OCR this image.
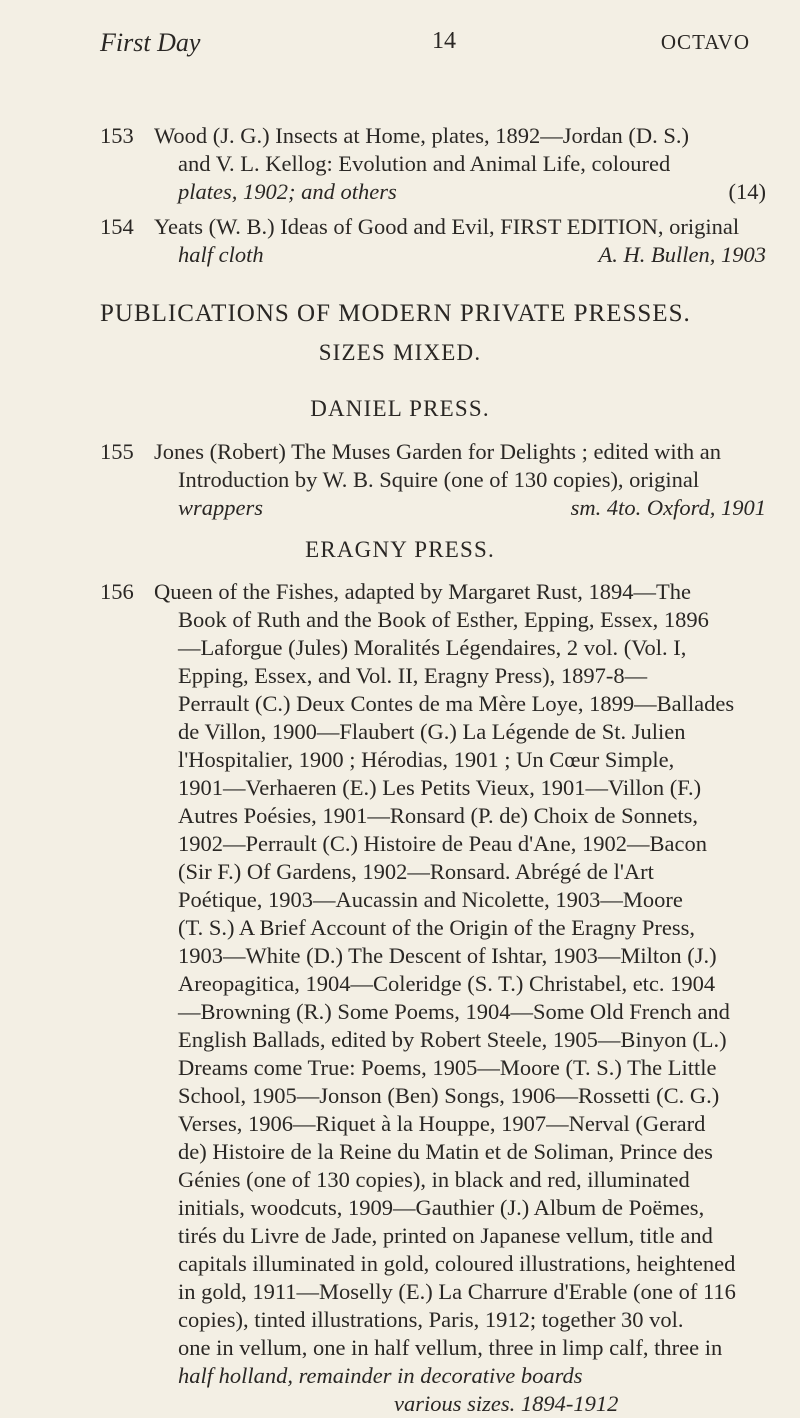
First Day	14	OCTAVO
153 Wood (J. G.) Insects at Home, plates, 1892—Jordan (D. S.)
and V. L. Kellog: Evolution and Animal Life, coloured
plates, 1902; and others	(14)
154 Yeats (W. B.) Ideas of Good and Evil, FIRST EDITION, original
half cloth	A. H. Bullen, 1903
PUBLICATIONS OF MODERN PRIVATE PRESSES.
SIZES MIXED.
DANIEL PRESS.
155 Jones (Robert) The Muses Garden for Delights ; edited with an
Introduction by W. B. Squire (one of 130 copies), original
wrappers	sm. 4to. Oxford, 1901
ERAGNY PRESS.
156 Queen of the Fishes, adapted by Margaret Rust, 1894—The
Book of Ruth and the Book of Esther, Epping, Essex, 1896
—Laforgue (Jules) Moralités Légendaires, 2 vol. (Vol. I,
Epping, Essex, and Vol. II, Eragny Press), 1897-8—
Perrault (C.) Deux Contes de ma Mère Loye, 1899—Ballades
de Villon, 1900—Flaubert (G.) La Légende de St. Julien
l'Hospitalier, 1900 ; Hérodias, 1901 ; Un Cœur Simple,
1901—Verhaeren (E.) Les Petits Vieux, 1901—Villon (F.)
Autres Poésies, 1901—Ronsard (P. de) Choix de Sonnets,
1902—Perrault (C.) Histoire de Peau d'Ane, 1902—Bacon
(Sir F.) Of Gardens, 1902—Ronsard. Abrégé de l'Art
Poétique, 1903—Aucassin and Nicolette, 1903—Moore
(T. S.) A Brief Account of the Origin of the Eragny Press,
1903—White (D.) The Descent of Ishtar, 1903—Milton (J.)
Areopagitica, 1904—Coleridge (S. T.) Christabel, etc. 1904
—Browning (R.) Some Poems, 1904—Some Old French and
English Ballads, edited by Robert Steele, 1905—Binyon (L.)
Dreams come True: Poems, 1905—Moore (T. S.) The Little
School, 1905—Jonson (Ben) Songs, 1906—Rossetti (C. G.)
Verses, 1906—Riquet à la Houppe, 1907—Nerval (Gerard
de) Histoire de la Reine du Matin et de Soliman, Prince des
Génies (one of 130 copies), in black and red, illuminated
initials, woodcuts, 1909—Gauthier (J.) Album de Poëmes,
tirés du Livre de Jade, printed on Japanese vellum, title and
capitals illuminated in gold, coloured illustrations, heightened
in gold, 1911—Moselly (E.) La Charrure d'Erable (one of 116
copies), tinted illustrations, Paris, 1912; together 30 vol.
one in vellum, one in half vellum, three in limp calf, three in
half holland, remainder in decorative boards
various sizes. 1894-1912
